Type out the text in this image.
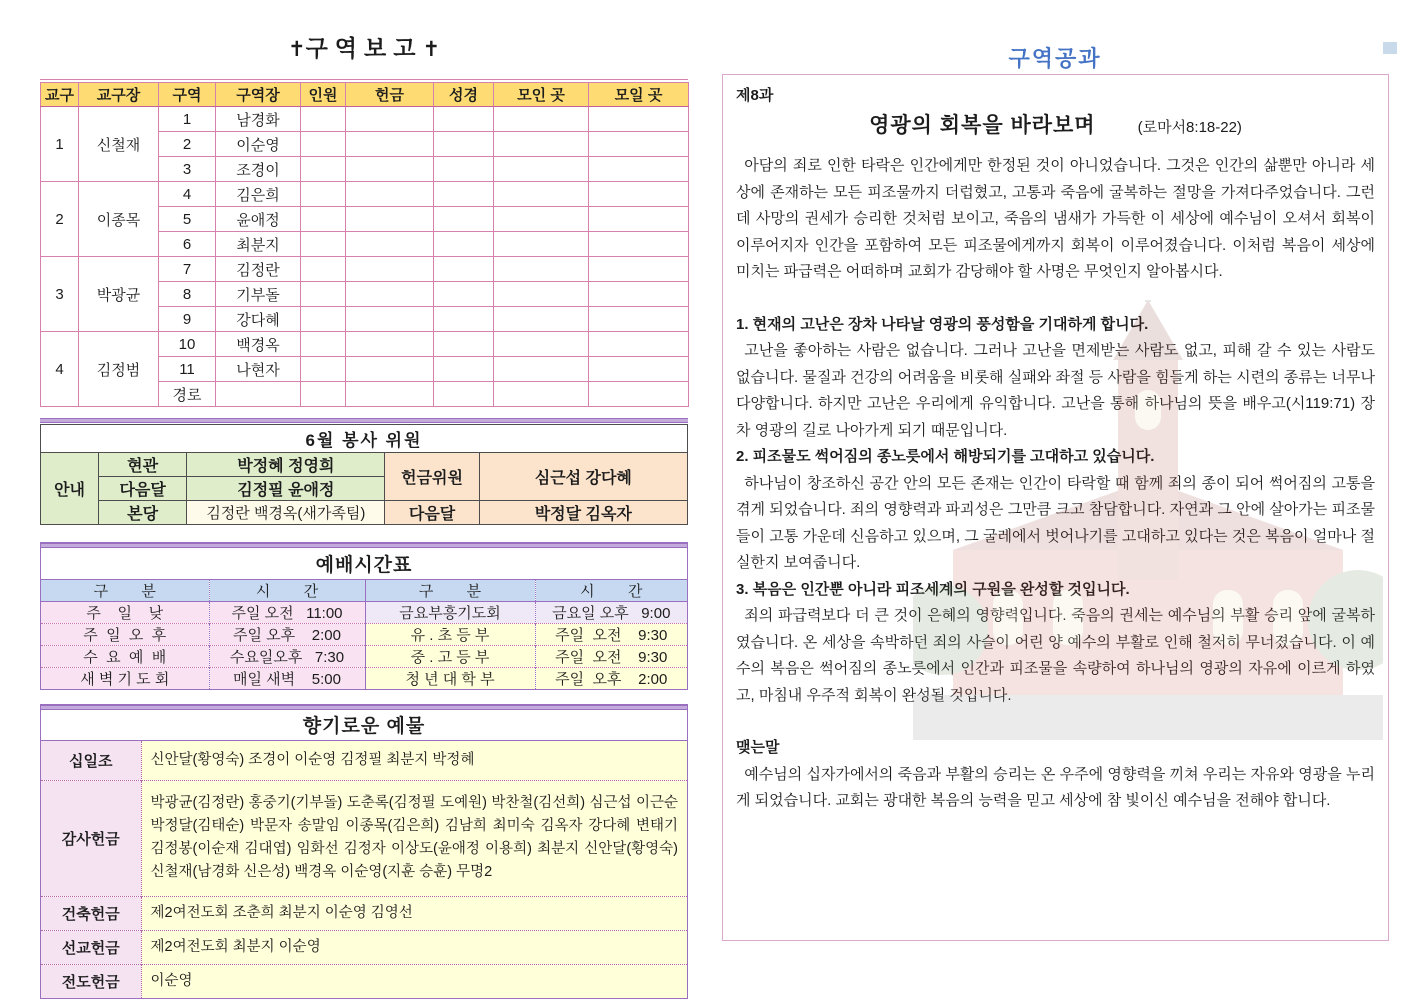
✝구역보고✝
교구	교구장	구역	구역장	인원	헌금	성경	모인 곳	모일 곳
1	신철재	1	남경화					
		2	이순영					
		3	조경이					
2	이종목	4	김은희					
		5	윤애정					
		6	최분지					
3	박광균	7	김정란					
		8	기부돌					
		9	강다혜					
4	김정범	10	백경옥					
		11	나현자					
		경로						
6월 봉사 위원				
안내	현관	박정혜 정영희	헌금위원	심근섭 강다혜
	다음달	김정필 윤애정		
	본당	김정란 백경옥(새가족팀)	다음달	박정달 김옥자
예배시간표			
구        분	시        간	구        분	시        간
주    일    낮	주일 오전   11:00	금요부흥기도회	금요일 오후   9:00
주  일  오  후	주일 오후    2:00	유 . 초 등 부	주일  오전    9:30
수  요  예  배	수요일오후   7:30	중 . 고 등 부	주일  오전    9:30
새 벽 기 도 회	매일 새벽    5:00	청 년 대 학 부	주일  오후    2:00
향기로운 예물	
십일조	신안달(황영숙) 조경이 이순영 김정필 최분지 박정혜
감사헌금	박광균(김정란) 홍중기(기부돌) 도춘록(김정필 도예원) 박찬철(김선희) 심근섭 이근순 박정달(김태순) 박문자 송말임 이종목(김은희) 김남희 최미숙 김옥자 강다혜 변태기 김정봉(이순재 김대엽) 임화선 김정자 이상도(윤애정 이용희) 최분지 신안달(황영숙) 신철재(남경화 신은성) 백경옥 이순영(지훈 승훈) 무명2
건축헌금	제2여전도회 조춘희 최분지 이순영 김영선
선교헌금	제2여전도회 최분지 이순영
전도헌금	이순영
구역공과
제8과
영광의 회복을 바라보며	(로마서8:18-22)

아담의 죄로 인한 타락은 인간에게만 한정된 것이 아니었습니다. 그것은 인간의 삶뿐만 아니라 세상에 존재하는 모든 피조물까지 더럽혔고, 고통과 죽음에 굴복하는 절망을 가져다주었습니다. 그런데 사망의 권세가 승리한 것처럼 보이고, 죽음의 냄새가 가득한 이 세상에 예수님이 오셔서 회복이 이루어지자 인간을 포함하여 모든 피조물에게까지 회복이 이루어졌습니다. 이처럼 복음이 세상에 미치는 파급력은 어떠하며 교회가 감당해야 할 사명은 무엇인지 알아봅시다.

1. 현재의 고난은 장차 나타날 영광의 풍성함을 기대하게 합니다.

고난을 좋아하는 사람은 없습니다. 그러나 고난을 면제받는 사람도 없고, 피해 갈 수 있는 사람도 없습니다. 물질과 건강의 어려움을 비롯해 실패와 좌절 등 사람을 힘들게 하는 시련의 종류는 너무나 다양합니다. 하지만 고난은 우리에게 유익합니다. 고난을 통해 하나님의 뜻을 배우고(시119:71) 장차 영광의 길로 나아가게 되기 때문입니다.

2. 피조물도 썩어짐의 종노릇에서 해방되기를 고대하고 있습니다.

하나님이 창조하신 공간 안의 모든 존재는 인간이 타락할 때 함께 죄의 종이 되어 썩어짐의 고통을 겪게 되었습니다. 죄의 영향력과 파괴성은 그만큼 크고 참담합니다. 자연과 그 안에 살아가는 피조물들이 고통 가운데 신음하고 있으며, 그 굴레에서 벗어나기를 고대하고 있다는 것은 복음이 얼마나 절실한지 보여줍니다.

3. 복음은 인간뿐 아니라 피조세계의 구원을 완성할 것입니다.

죄의 파급력보다 더 큰 것이 은혜의 영향력입니다. 죽음의 권세는 예수님의 부활 승리 앞에 굴복하였습니다. 온 세상을 속박하던 죄의 사슬이 어린 양 예수의 부활로 인해 철저히 무너졌습니다. 이 예수의 복음은 썩어짐의 종노릇에서 인간과 피조물을 속량하여 하나님의 영광의 자유에 이르게 하였고, 마침내 우주적 회복이 완성될 것입니다.

맺는말

예수님의 십자가에서의 죽음과 부활의 승리는 온 우주에 영향력을 끼쳐 우리는 자유와 영광을 누리게 되었습니다. 교회는 광대한 복음의 능력을 믿고 세상에 참 빛이신 예수님을 전해야 합니다.
